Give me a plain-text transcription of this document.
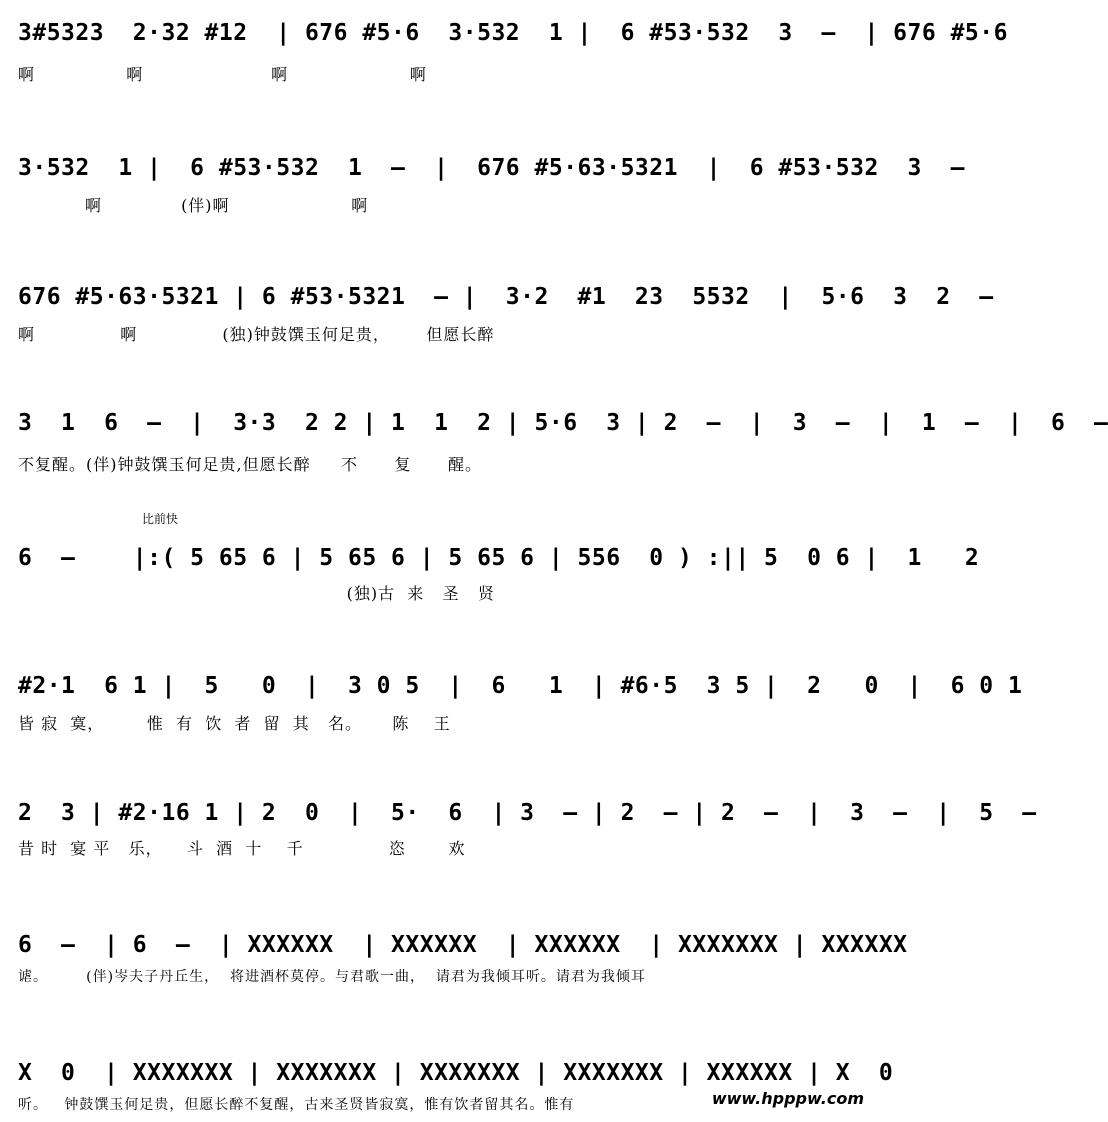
3#5323  2·32 #12  | 676 #5·6  3·532  1 |  6 #53·532  3  –  | 676 #5·6
啊               啊                     啊                    啊
3·532  1 |  6 #53·532  1  –  |  676 #5·63·5321  |  6 #53·532  3  –
啊             (伴)啊                    啊
676 #5·63·5321 | 6 #53·5321  – |  3·2  #1  23  5532  |  5·6  3  2  –
啊              啊              (独)钟鼓馔玉何足贵，      但愿长醉
3  1  6  –  |  3·3  2 2 | 1  1  2 | 5·6  3 | 2  –  |  3  –  |  1  –  |  6  –
不复醒。(伴)钟鼓馔玉何足贵,但愿长醉     不      复      醒。
比前快
6  –    |:( 5 65 6 | 5 65 6 | 5 65 6 | 556  0 ) :|| 5  0 6 |  1   2
(独)古  来   圣   贤
#2·1  6 1 |  5   0  |  3 0 5  |  6   1  | #6·5  3 5 |  2   0  |  6 0 1
皆 寂  寞，       惟  有  饮  者  留  其   名。     陈    王
2  3 | #2·16 1 | 2  0  |  5·  6  | 3  – | 2  – | 2  –  |  3  –  |  5  –
昔 时  宴 平   乐，    斗  酒  十    千              恣       欢
6  –  | 6  –  | XXXXXX  | XXXXXX  | XXXXXX  | XXXXXXX | XXXXXX
谑。       (伴)岑夫子丹丘生，  将进酒杯莫停。与君歌一曲，  请君为我倾耳听。请君为我倾耳
X  0  | XXXXXXX | XXXXXXX | XXXXXXX | XXXXXXX | XXXXXX | X  0
听。   钟鼓馔玉何足贵，但愿长醉不复醒，古来圣贤皆寂寞，惟有饮者留其名。惟有	www.hpppw.com
